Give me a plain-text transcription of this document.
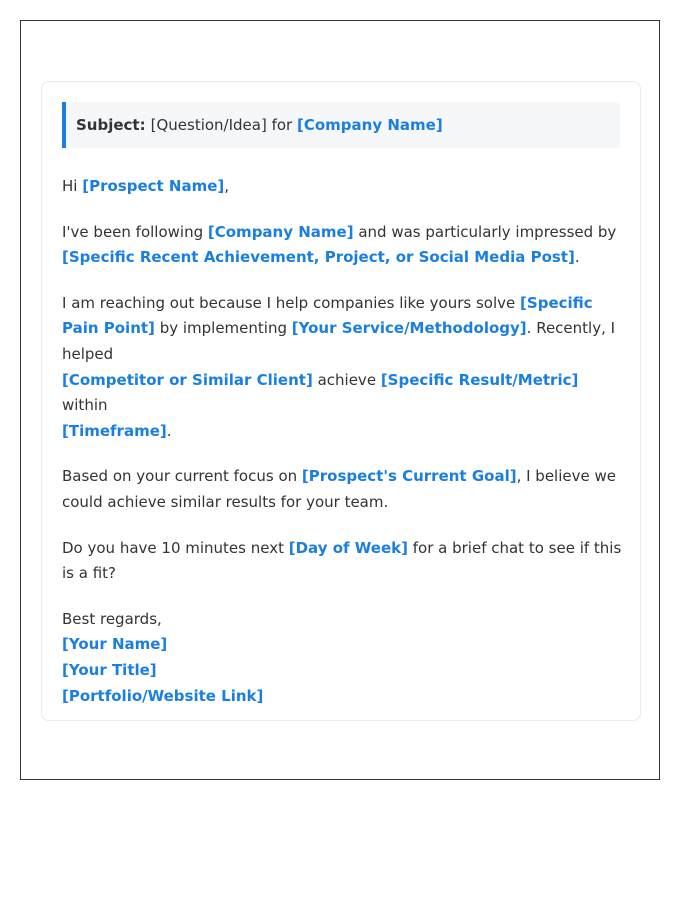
Subject: [Question/Idea] for
[Company Name]

Hi [Prospect Name],

I've been following [Company Name] and was particularly impressed by
[Specific Recent Achievement, Project, or Social Media Post].

I am reaching out because I help companies like yours solve [Specific Pain Point] by implementing [Your Service/Methodology]. Recently, I helped
[Competitor or Similar Client] achieve [Specific Result/Metric] within
[Timeframe].

Based on your current focus on [Prospect's Current Goal], I believe we could achieve similar results for your team.

Do you have 10 minutes next [Day of Week] for a brief chat to see if this is a fit?

Best regards,
[Your Name]
[Your Title]
[Portfolio/Website Link]
